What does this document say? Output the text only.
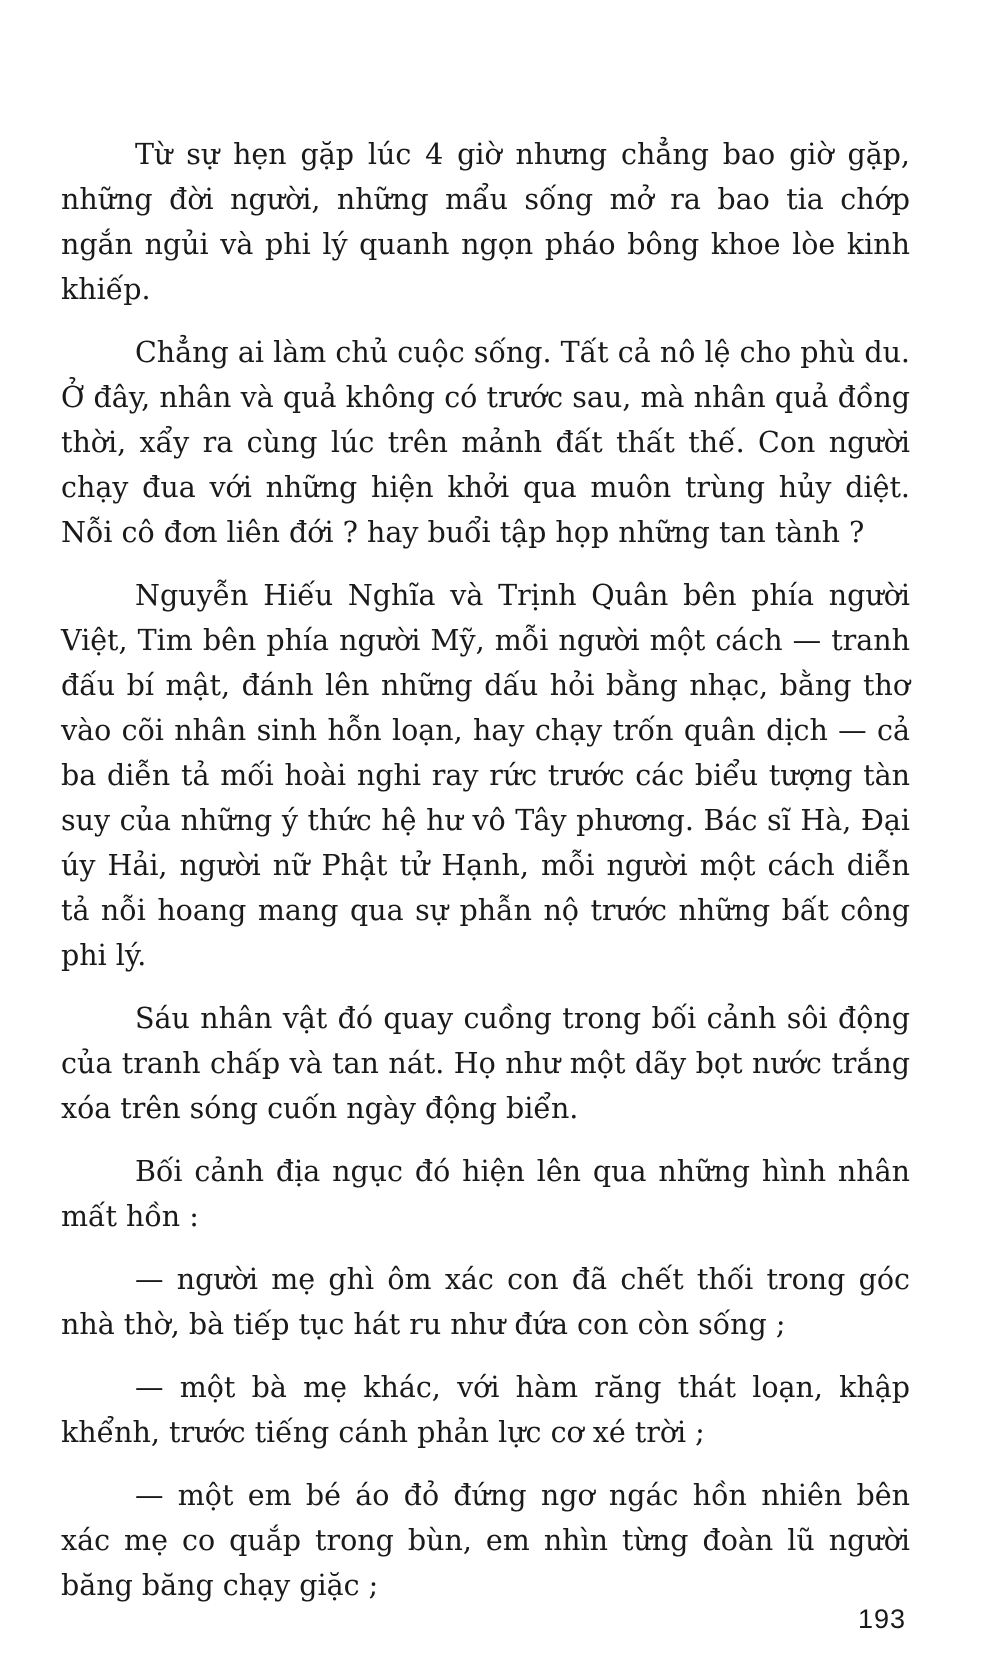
Từ sự hẹn gặp lúc 4 giờ nhưng chẳng bao giờ gặp, những đời người, những mẩu sống mở ra bao tia chớp ngắn ngủi và phi lý quanh ngọn pháo bông khoe lòe kinh khiếp.

Chẳng ai làm chủ cuộc sống. Tất cả nô lệ cho phù du. Ở đây, nhân và quả không có trước sau, mà nhân quả đồng thời, xẩy ra cùng lúc trên mảnh đất thất thế. Con người chạy đua với những hiện khởi qua muôn trùng hủy diệt. Nỗi cô đơn liên đới ? hay buổi tập họp những tan tành ?

Nguyễn Hiếu Nghĩa và Trịnh Quân bên phía người Việt, Tim bên phía người Mỹ, mỗi người một cách — tranh đấu bí mật, đánh lên những dấu hỏi bằng nhạc, bằng thơ vào cõi nhân sinh hỗn loạn, hay chạy trốn quân dịch — cả ba diễn tả mối hoài nghi ray rức trước các biểu tượng tàn suy của những ý thức hệ hư vô Tây phương. Bác sĩ Hà, Đại úy Hải, người nữ Phật tử Hạnh, mỗi người một cách diễn tả nỗi hoang mang qua sự phẫn nộ trước những bất công phi lý.

Sáu nhân vật đó quay cuồng trong bối cảnh sôi động của tranh chấp và tan nát. Họ như một dãy bọt nước trắng xóa trên sóng cuốn ngày động biển.

Bối cảnh địa ngục đó hiện lên qua những hình nhân mất hồn :

— người mẹ ghì ôm xác con đã chết thối trong góc nhà thờ, bà tiếp tục hát ru như đứa con còn sống ;

— một bà mẹ khác, với hàm răng thát loạn, khập khểnh, trước tiếng cánh phản lực cơ xé trời ;

— một em bé áo đỏ đứng ngơ ngác hồn nhiên bên xác mẹ co quắp trong bùn, em nhìn từng đoàn lũ người băng băng chạy giặc ;

193
